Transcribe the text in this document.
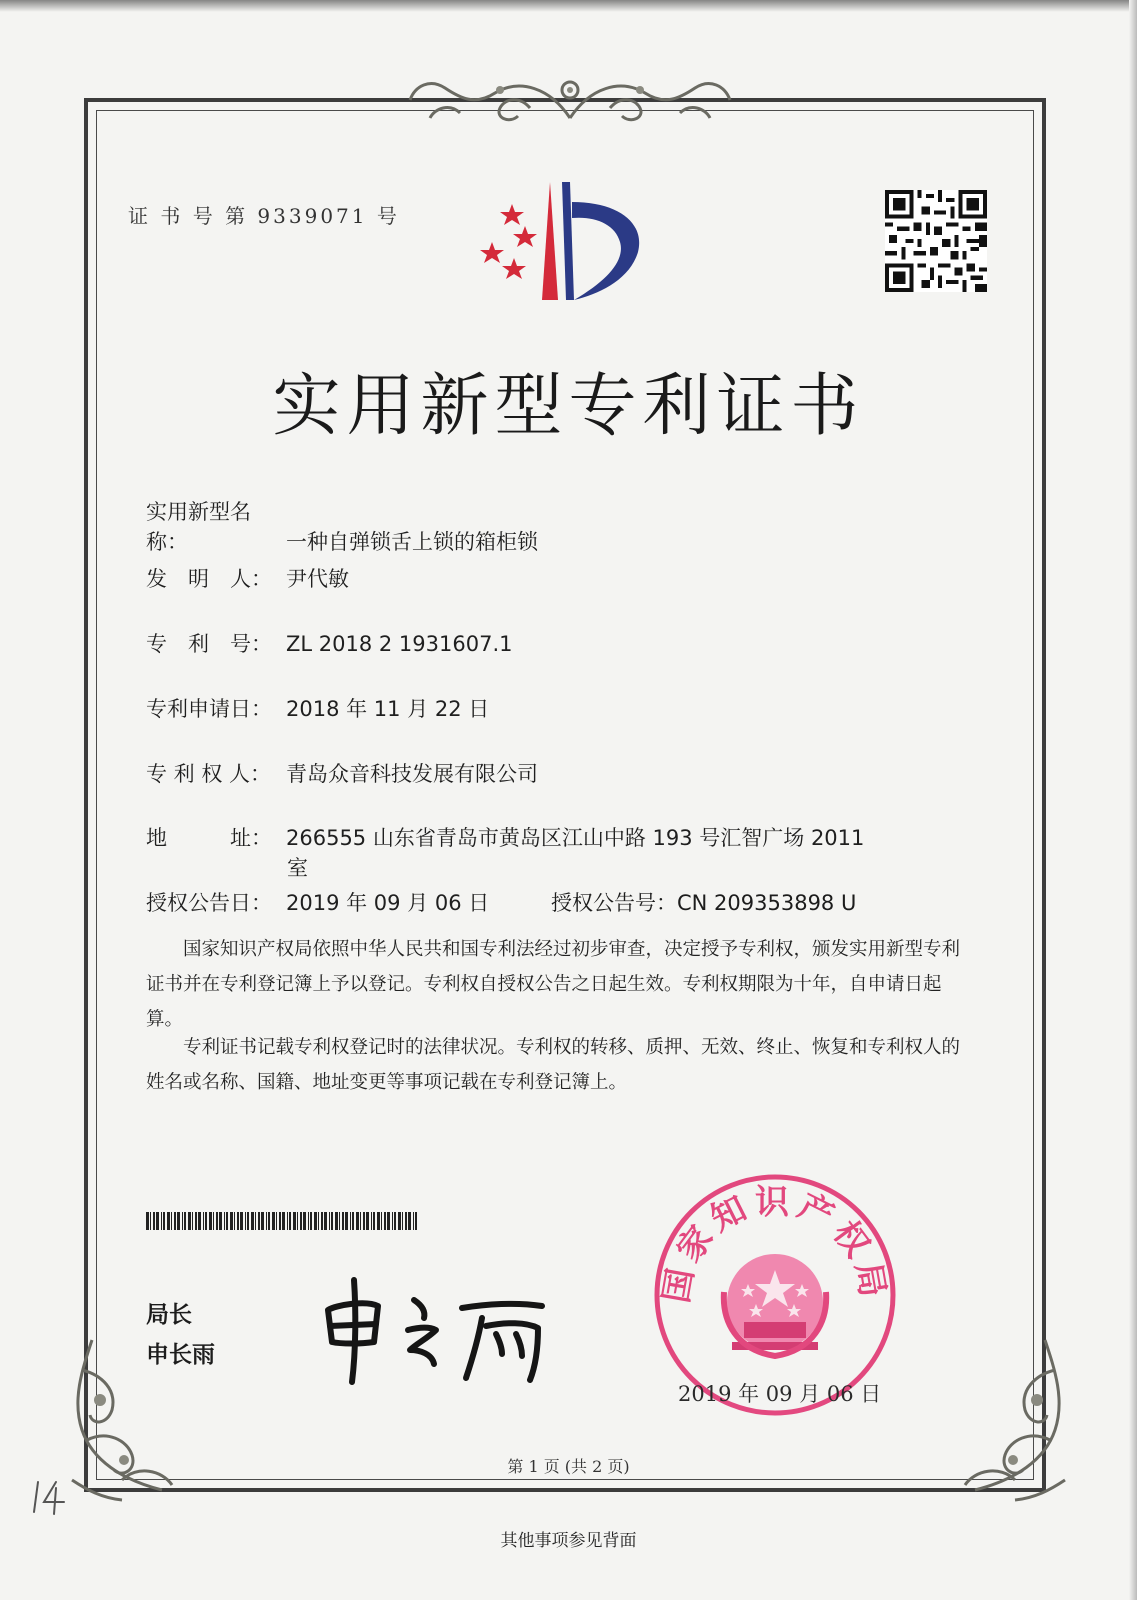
证 书 号 第 9339071 号
实用新型专利证书
实用新型名称：	一种自弹锁舌上锁的箱柜锁
发　明　人： 尹代敏
专　利　号： ZL 2018 2 1931607.1
专利申请日： 2018 年 11 月 22 日
专 利 权 人： 青岛众音科技发展有限公司
地　　　址： 266555 山东省青岛市黄岛区江山中路 193 号汇智广场 2011
室
授权公告日： 2019 年 09 月 06 日	授权公告号：CN 209353898 U
国家知识产权局依照中华人民共和国专利法经过初步审查，决定授予专利权，颁发实用新型专利证书并在专利登记簿上予以登记。专利权自授权公告之日起生效。专利权期限为十年，自申请日起算。
专利证书记载专利权登记时的法律状况。专利权的转移、质押、无效、终止、恢复和专利权人的姓名或名称、国籍、地址变更等事项记载在专利登记簿上。
局长
申长雨
国家知识产权局
2019 年 09 月 06 日
第 1 页 (共 2 页)
其他事项参见背面
